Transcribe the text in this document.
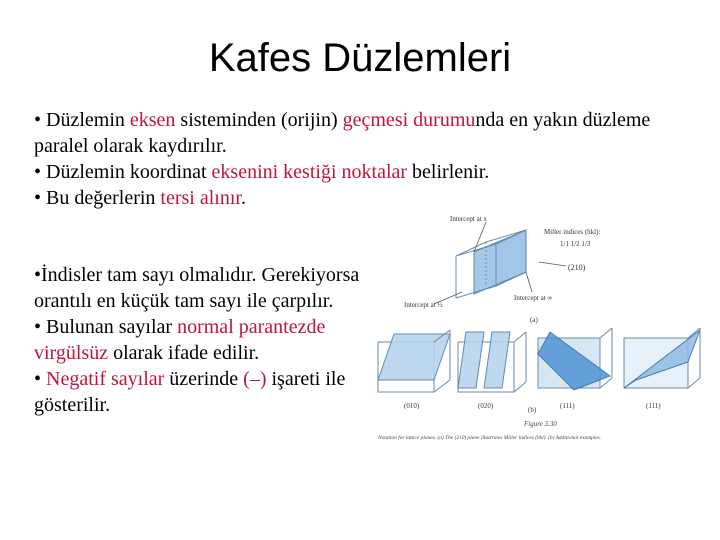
Kafes Düzlemleri
• Düzlemin eksen sisteminden (orijin) geçmesi durumunda en yakın düzleme paralel olarak kaydırılır.
• Düzlemin koordinat eksenini kestiği noktalar belirlenir.
• Bu değerlerin tersi alınır.
•İndisler tam sayı olmalıdır. Gerekiyorsa orantılı en küçük tam sayı ile çarpılır.
• Bulunan sayılar normal parantezde virgülsüz olarak ifade edilir.
• Negatif sayılar üzerinde (–) işareti ile gösterilir.
Intercept at x
Miller indices (hkl):
1/1 1/2 1/3
(210)
Intercept at ½
Intercept at ∞
(a)
(010)	(020)	(111)	(111)
(b)
Figure 3.30
Notation for lattice planes. (a) The (210) plane illustrates Miller indices (hkl). (b) Additional examples.
